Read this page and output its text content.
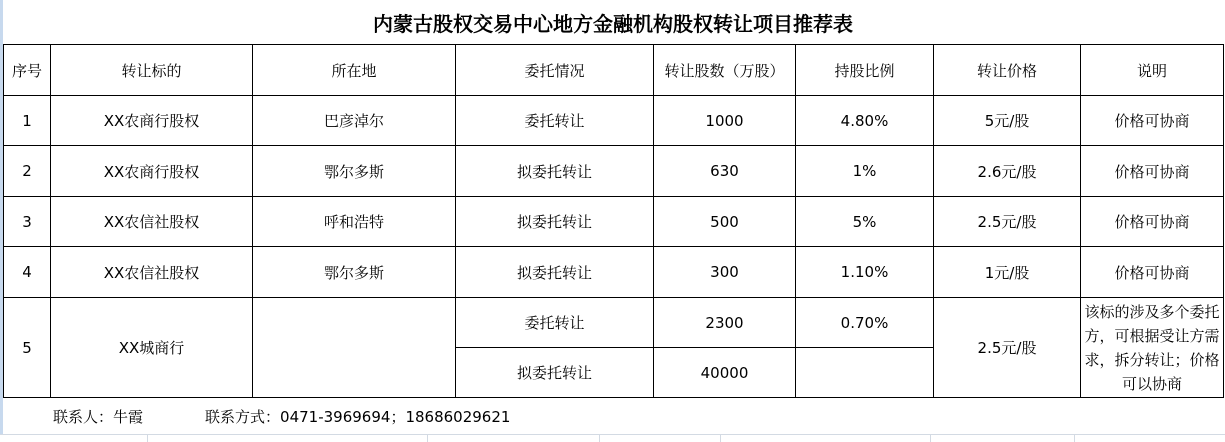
内蒙古股权交易中心地方金融机构股权转让项目推荐表
序号	转让标的	所在地	委托情况	转让股数（万股）	持股比例	转让价格	说明
1	XX农商行股权	巴彦淖尔	委托转让	1000	4.80%	5元/股	价格可协商
2	XX农商行股权	鄂尔多斯	拟委托转让	630	1%	2.6元/股	价格可协商
3	XX农信社股权	呼和浩特	拟委托转让	500	5%	2.5元/股	价格可协商
4	XX农信社股权	鄂尔多斯	拟委托转让	300	1.10%	1元/股	价格可协商
5	XX城商行		委托转让	2300	0.70%	2.5元/股	该标的涉及多个委托方，可根据受让方需求，拆分转让；价格可以协商
			拟委托转让	40000			
联系人：牛霞	联系方式：0471-3969694；18686029621
